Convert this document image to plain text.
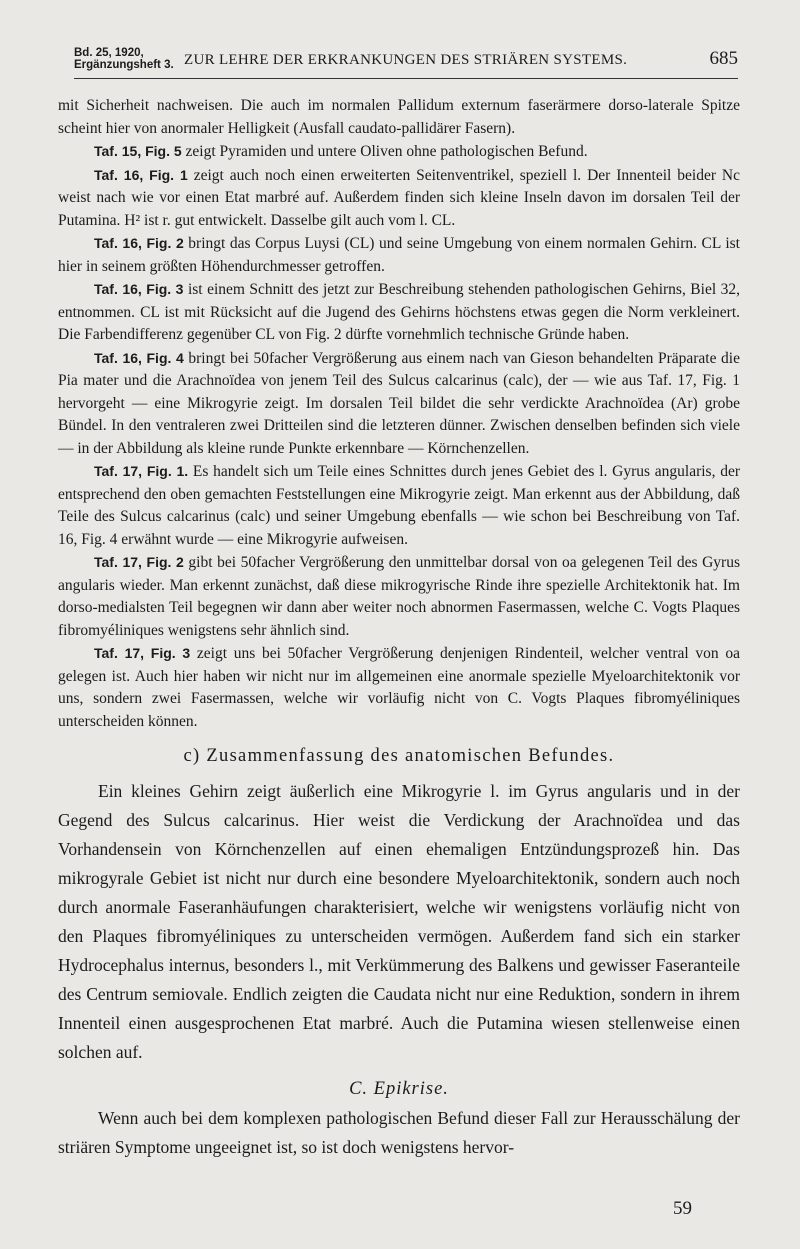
Bd. 25, 1920,
Ergänzungsheft 3. ZUR LEHRE DER ERKRANKUNGEN DES STRIÄREN SYSTEMS.	685

mit Sicherheit nachweisen. Die auch im normalen Pallidum externum faserärmere dorso-laterale Spitze scheint hier von anormaler Helligkeit (Ausfall caudato-pallidärer Fasern).

Taf. 15, Fig. 5 zeigt Pyramiden und untere Oliven ohne pathologischen Befund.

Taf. 16, Fig. 1 zeigt auch noch einen erweiterten Seitenventrikel, speziell l. Der Innenteil beider Nc weist nach wie vor einen Etat marbré auf. Außerdem finden sich kleine Inseln davon im dorsalen Teil der Putamina. H² ist r. gut entwickelt. Dasselbe gilt auch vom l. CL.

Taf. 16, Fig. 2 bringt das Corpus Luysi (CL) und seine Umgebung von einem normalen Gehirn. CL ist hier in seinem größten Höhendurchmesser getroffen.

Taf. 16, Fig. 3 ist einem Schnitt des jetzt zur Beschreibung stehenden pathologischen Gehirns, Biel 32, entnommen. CL ist mit Rücksicht auf die Jugend des Gehirns höchstens etwas gegen die Norm verkleinert. Die Farbendifferenz gegenüber CL von Fig. 2 dürfte vornehmlich technische Gründe haben.

Taf. 16, Fig. 4 bringt bei 50facher Vergrößerung aus einem nach van Gieson behandelten Präparate die Pia mater und die Arachnoïdea von jenem Teil des Sulcus calcarinus (calc), der — wie aus Taf. 17, Fig. 1 hervorgeht — eine Mikrogyrie zeigt. Im dorsalen Teil bildet die sehr verdickte Arachnoïdea (Ar) grobe Bündel. In den ventraleren zwei Dritteilen sind die letzteren dünner. Zwischen denselben befinden sich viele — in der Abbildung als kleine runde Punkte erkennbare — Körnchenzellen.

Taf. 17, Fig. 1. Es handelt sich um Teile eines Schnittes durch jenes Gebiet des l. Gyrus angularis, der entsprechend den oben gemachten Feststellungen eine Mikrogyrie zeigt. Man erkennt aus der Abbildung, daß Teile des Sulcus calcarinus (calc) und seiner Umgebung ebenfalls — wie schon bei Beschreibung von Taf. 16, Fig. 4 erwähnt wurde — eine Mikrogyrie aufweisen.

Taf. 17, Fig. 2 gibt bei 50facher Vergrößerung den unmittelbar dorsal von oa gelegenen Teil des Gyrus angularis wieder. Man erkennt zunächst, daß diese mikrogyrische Rinde ihre spezielle Architektonik hat. Im dorso-medialsten Teil begegnen wir dann aber weiter noch abnormen Fasermassen, welche C. Vogts Plaques fibromyéliniques wenigstens sehr ähnlich sind.

Taf. 17, Fig. 3 zeigt uns bei 50facher Vergrößerung denjenigen Rindenteil, welcher ventral von oa gelegen ist. Auch hier haben wir nicht nur im allgemeinen eine anormale spezielle Myeloarchitektonik vor uns, sondern zwei Fasermassen, welche wir vorläufig nicht von C. Vogts Plaques fibromyéliniques unterscheiden können.

c) Zusammenfassung des anatomischen Befundes.

Ein kleines Gehirn zeigt äußerlich eine Mikrogyrie l. im Gyrus angularis und in der Gegend des Sulcus calcarinus. Hier weist die Verdickung der Arachnoïdea und das Vorhandensein von Körnchenzellen auf einen ehemaligen Entzündungsprozeß hin. Das mikrogyrale Gebiet ist nicht nur durch eine besondere Myeloarchitektonik, sondern auch noch durch anormale Faseranhäufungen charakterisiert, welche wir wenigstens vorläufig nicht von den Plaques fibromyéliniques zu unterscheiden vermögen. Außerdem fand sich ein starker Hydrocephalus internus, besonders l., mit Verkümmerung des Balkens und gewisser Faseranteile des Centrum semiovale. Endlich zeigten die Caudata nicht nur eine Reduktion, sondern in ihrem Innenteil einen ausgesprochenen Etat marbré. Auch die Putamina wiesen stellenweise einen solchen auf.

C. Epikrise.

Wenn auch bei dem komplexen pathologischen Befund dieser Fall zur Herausschälung der striären Symptome ungeeignet ist, so ist doch wenigstens hervor-

59
